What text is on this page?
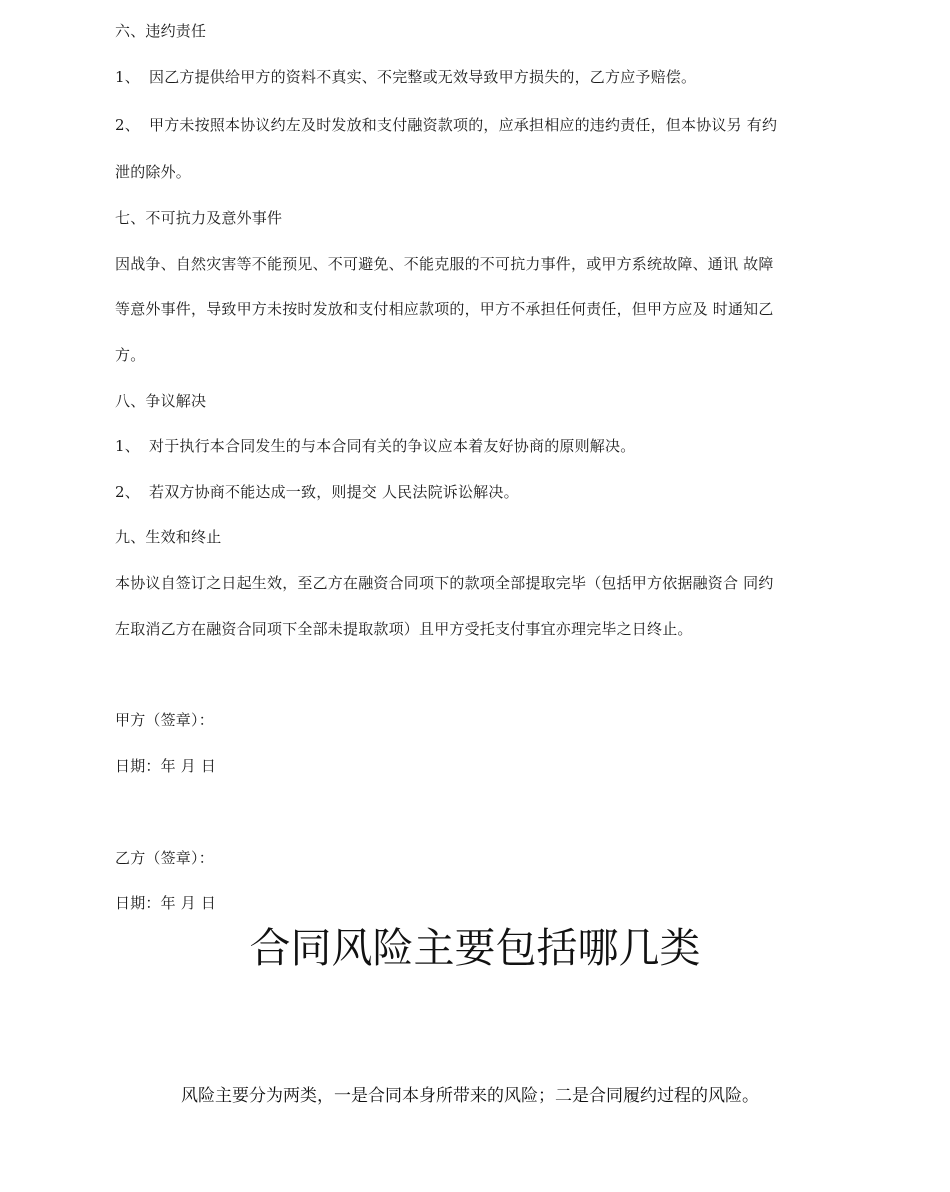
六、违约责任

1、 因乙方提供给甲方的资料不真实、不完整或无效导致甲方损失的，乙方应予赔偿。

2、 甲方未按照本协议约左及时发放和支付融资款项的，应承担相应的违约责任，但本协议另 有约

泄的除外。

七、不可抗力及意外事件

因战争、自然灾害等不能预见、不可避免、不能克服的不可抗力事件，或甲方系统故障、通讯 故障

等意外事件，导致甲方未按时发放和支付相应款项的，甲方不承担任何责任，但甲方应及 时通知乙

方。

八、争议解决

1、 对于执行本合同发生的与本合同有关的争议应本着友好协商的原则解决。

2、 若双方协商不能达成一致，则提交 人民法院诉讼解决。

九、生效和终止

本协议自签订之日起生效，至乙方在融资合同项下的款项全部提取完毕（包括甲方依据融资合 同约

左取消乙方在融资合同项下全部未提取款项）且甲方受托支付事宜亦理完毕之日终止。

甲方（签章）：

日期：年 月 日

乙方（签章）：

日期：年 月 日

合同风险主要包括哪几类

风险主要分为两类，一是合同本身所带来的风险；二是合同履约过程的风险。
